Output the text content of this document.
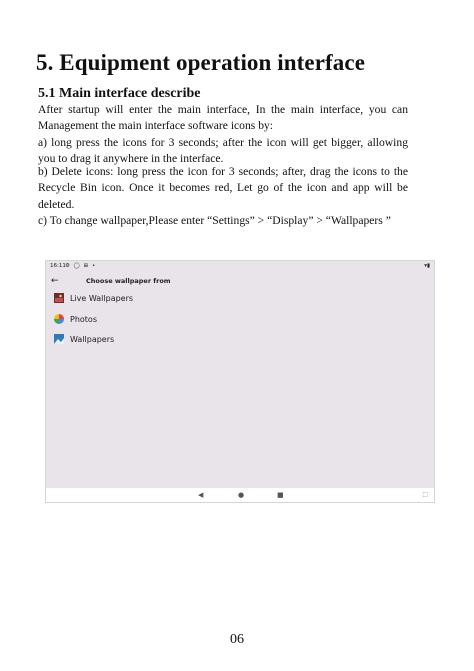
5. Equipment operation interface
5.1 Main interface describe

After startup will enter the main interface, In the main interface, you can Management the main interface software icons by:

a) long press the icons for 3 seconds; after the icon will get bigger, allowing you to drag it anywhere in the interface.

b) Delete icons: long press the icon for 3 seconds; after, drag the icons to the Recycle Bin icon. Once it becomes red, Let go of the icon and app will be deleted.

c) To change wallpaper,Please enter “Settings” > “Display” > “Wallpapers ”

16:11 ⚙ ◯ ⊞ •	▾▮
←	Choose wallpaper from
Live Wallpapers
Photos
Wallpapers
◀	●	■	⬚

06
